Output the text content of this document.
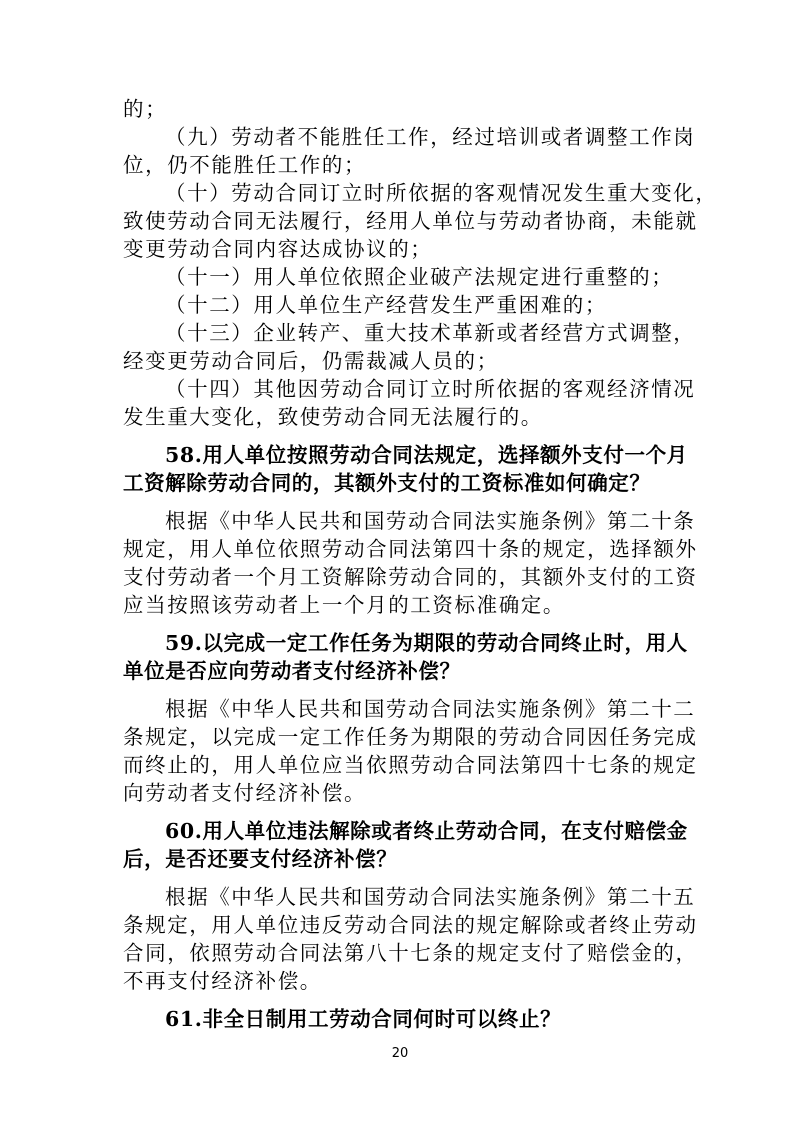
的；
（九）劳动者不能胜任工作，经过培训或者调整工作岗
位，仍不能胜任工作的；
（十）劳动合同订立时所依据的客观情况发生重大变化，
致使劳动合同无法履行，经用人单位与劳动者协商，未能就
变更劳动合同内容达成协议的；
（十一）用人单位依照企业破产法规定进行重整的；
（十二）用人单位生产经营发生严重困难的；
（十三）企业转产、重大技术革新或者经营方式调整，
经变更劳动合同后，仍需裁减人员的；
（十四）其他因劳动合同订立时所依据的客观经济情况
发生重大变化，致使劳动合同无法履行的。
58.用人单位按照劳动合同法规定，选择额外支付一个月
工资解除劳动合同的，其额外支付的工资标准如何确定？
根据《中华人民共和国劳动合同法实施条例》第二十条
规定，用人单位依照劳动合同法第四十条的规定，选择额外
支付劳动者一个月工资解除劳动合同的，其额外支付的工资
应当按照该劳动者上一个月的工资标准确定。
59.以完成一定工作任务为期限的劳动合同终止时，用人
单位是否应向劳动者支付经济补偿？
根据《中华人民共和国劳动合同法实施条例》第二十二
条规定，以完成一定工作任务为期限的劳动合同因任务完成
而终止的，用人单位应当依照劳动合同法第四十七条的规定
向劳动者支付经济补偿。
60.用人单位违法解除或者终止劳动合同，在支付赔偿金
后，是否还要支付经济补偿？
根据《中华人民共和国劳动合同法实施条例》第二十五
条规定，用人单位违反劳动合同法的规定解除或者终止劳动
合同，依照劳动合同法第八十七条的规定支付了赔偿金的，
不再支付经济补偿。
61.非全日制用工劳动合同何时可以终止？
20
